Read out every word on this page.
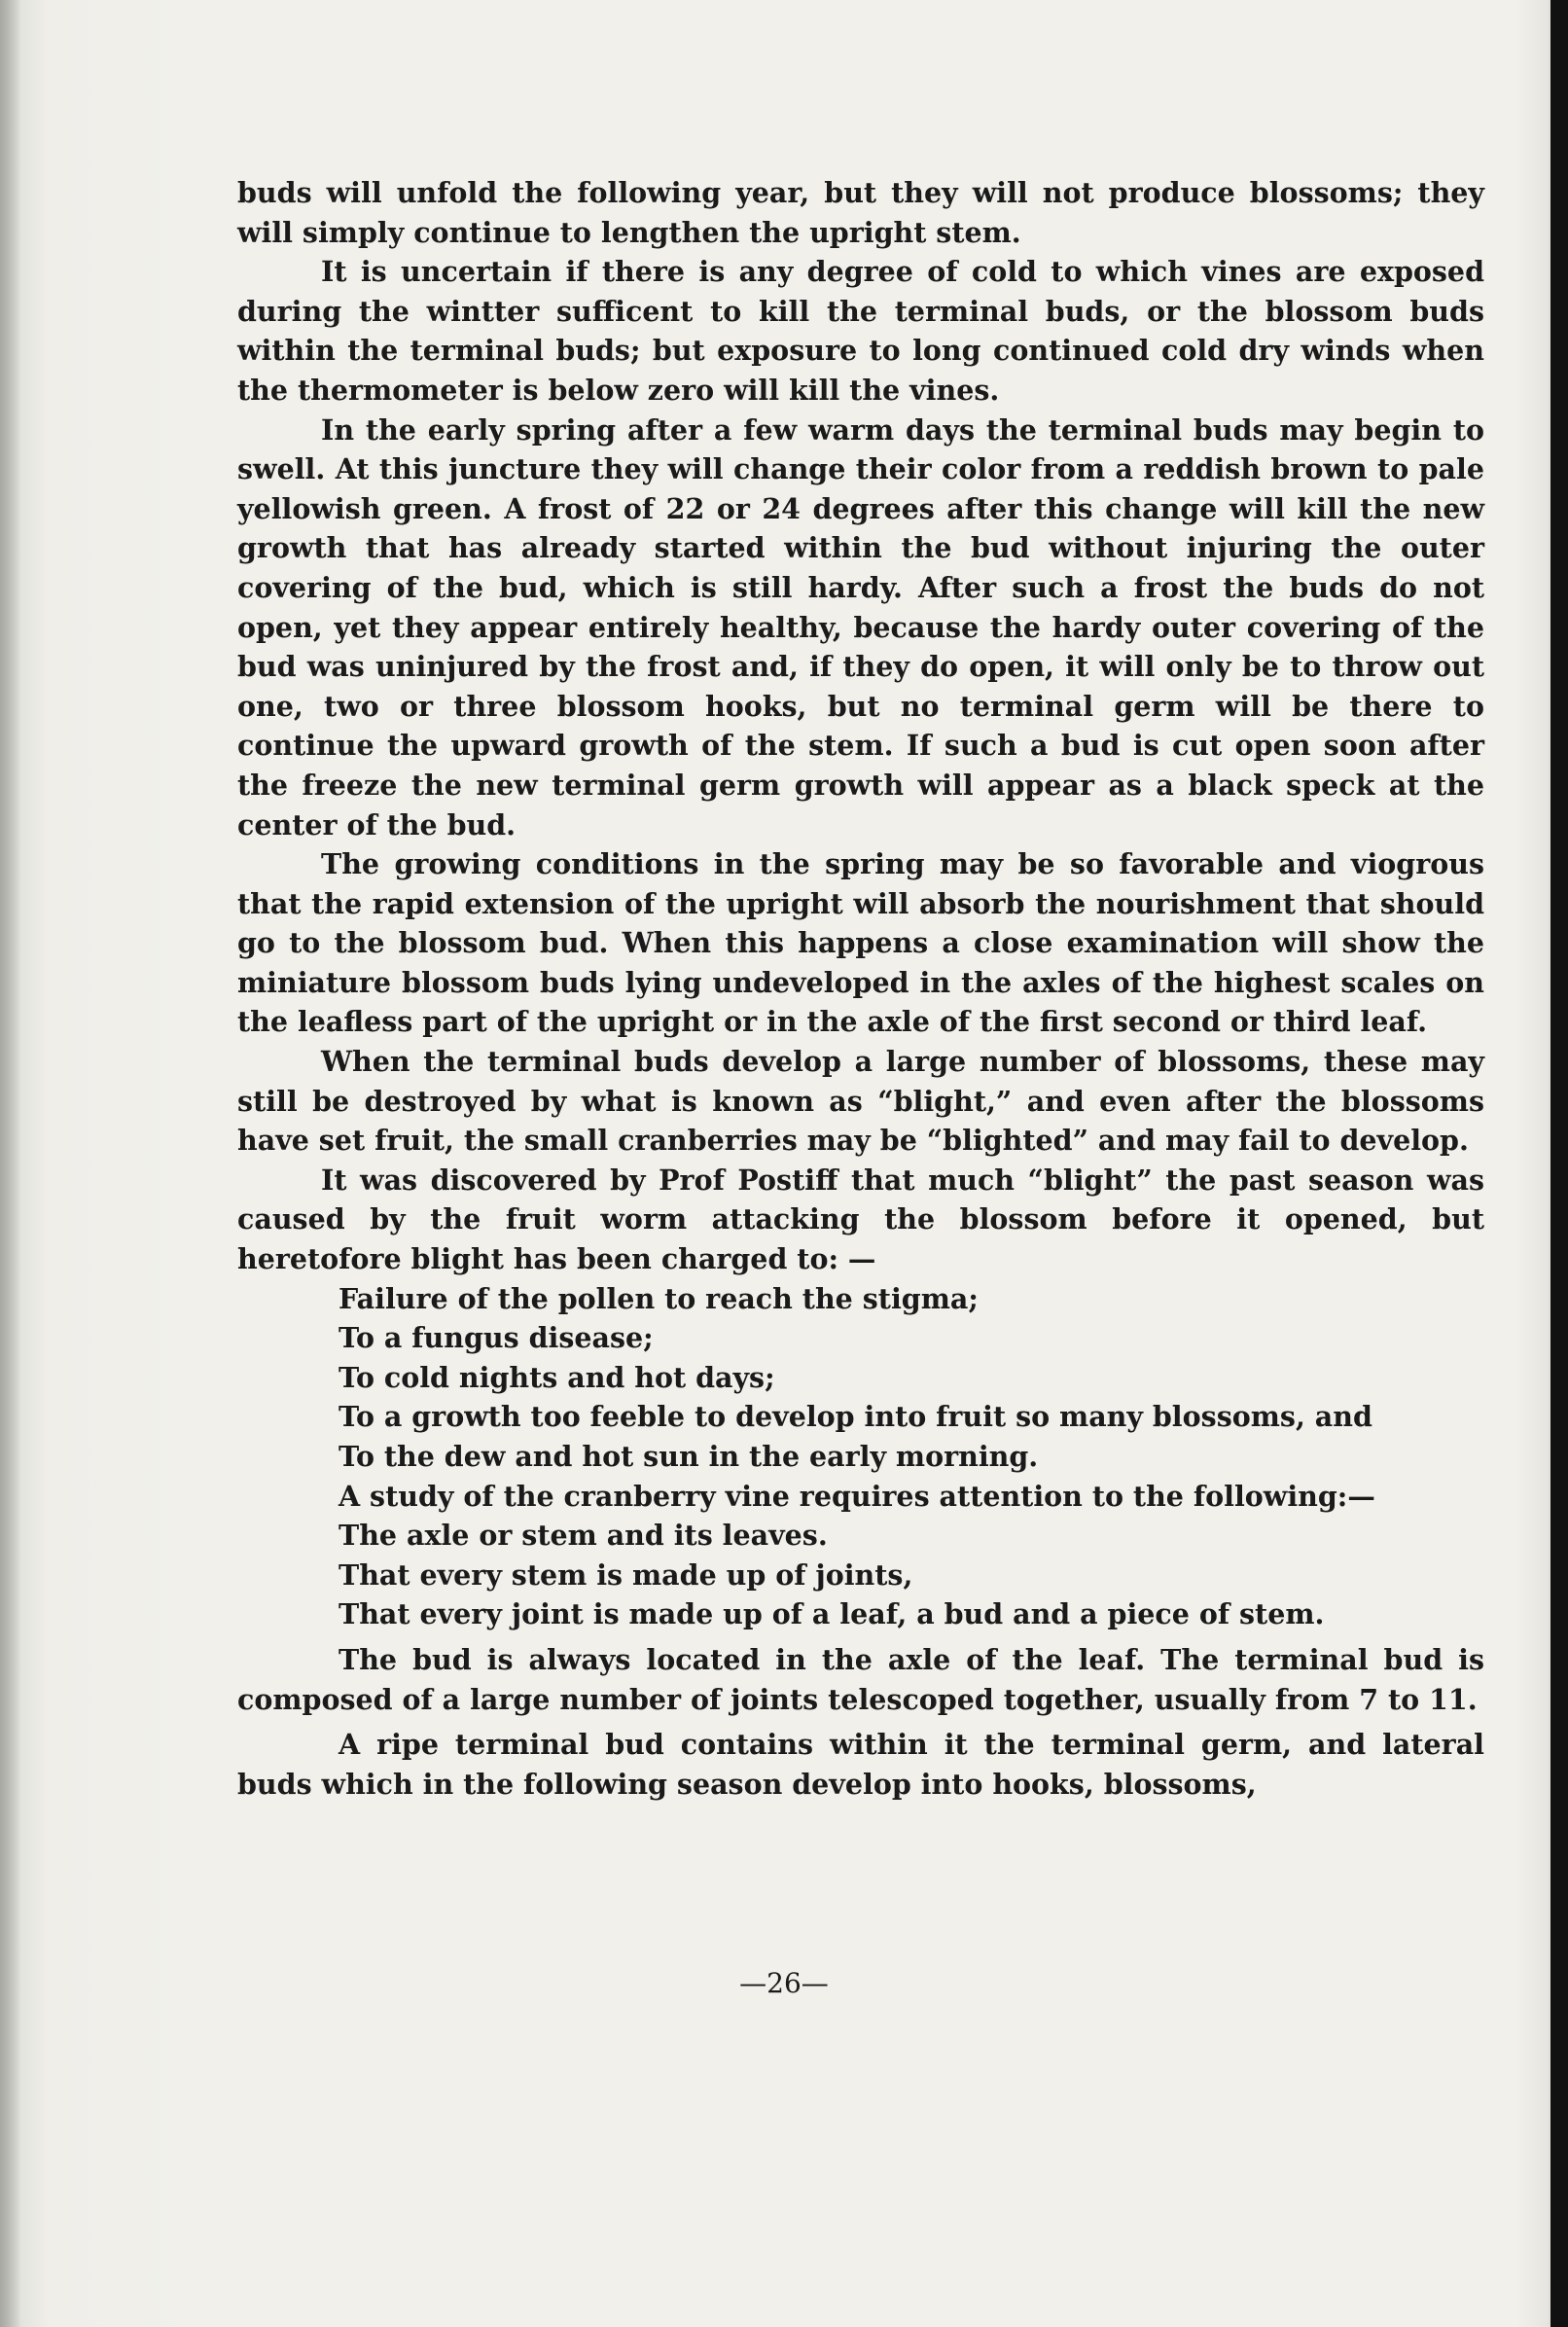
buds will unfold the following year, but they will not produce blossoms; they will simply continue to lengthen the upright stem.

It is uncertain if there is any degree of cold to which vines are exposed during the wintter sufficent to kill the terminal buds, or the blossom buds within the terminal buds; but exposure to long continued cold dry winds when the thermometer is below zero will kill the vines.

In the early spring after a few warm days the terminal buds may begin to swell. At this juncture they will change their color from a reddish brown to pale yellowish green. A frost of 22 or 24 degrees after this change will kill the new growth that has already started within the bud without injuring the outer covering of the bud, which is still hardy. After such a frost the buds do not open, yet they appear entirely healthy, because the hardy outer covering of the bud was uninjured by the frost and, if they do open, it will only be to throw out one, two or three blossom hooks, but no terminal germ will be there to continue the upward growth of the stem. If such a bud is cut open soon after the freeze the new terminal germ growth will appear as a black speck at the center of the bud.

The growing conditions in the spring may be so favorable and viogrous that the rapid extension of the upright will absorb the nourishment that should go to the blossom bud. When this happens a close examination will show the miniature blossom buds lying undeveloped in the axles of the highest scales on the leafless part of the upright or in the axle of the first second or third leaf.

When the terminal buds develop a large number of blossoms, these may still be destroyed by what is known as “blight,” and even after the blossoms have set fruit, the small cranberries may be “blighted” and may fail to develop.

It was discovered by Prof Postiff that much “blight” the past season was caused by the fruit worm attacking the blossom before it opened, but heretofore blight has been charged to: —

Failure of the pollen to reach the stigma;

To a fungus disease;

To cold nights and hot days;

To a growth too feeble to develop into fruit so many blossoms, and

To the dew and hot sun in the early morning.

A study of the cranberry vine requires attention to the following:—

The axle or stem and its leaves.

That every stem is made up of joints,

That every joint is made up of a leaf, a bud and a piece of stem.

The bud is always located in the axle of the leaf. The terminal bud is composed of a large number of joints telescoped together, usually from 7 to 11.

A ripe terminal bud contains within it the terminal germ, and lateral buds which in the following season develop into hooks, blossoms,

—26—
